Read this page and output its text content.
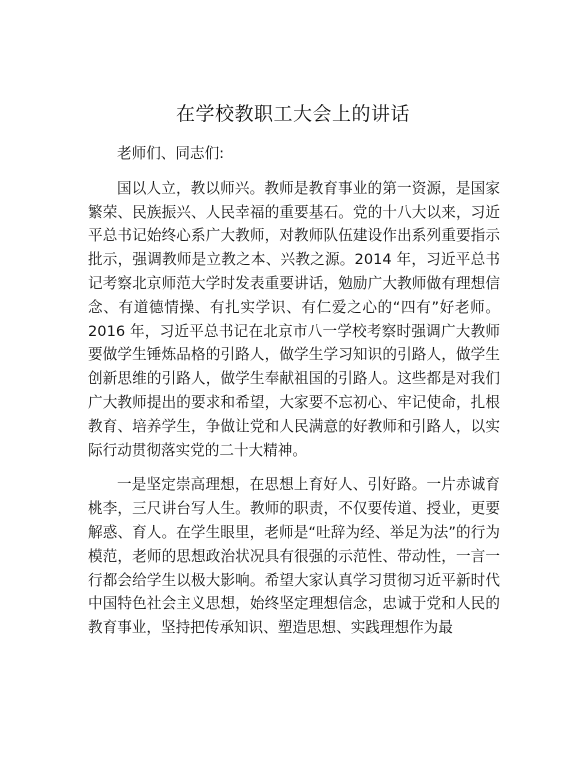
在学校教职工大会上的讲话

老师们、同志们:

国以人立，教以师兴。教师是教育事业的第一资源，是国家繁荣、民族振兴、人民幸福的重要基石。党的十八大以来，习近平总书记始终心系广大教师，对教师队伍建设作出系列重要指示批示，强调教师是立教之本、兴教之源。2014 年，习近平总书记考察北京师范大学时发表重要讲话，勉励广大教师做有理想信念、有道德情操、有扎实学识、有仁爱之心的“四有”好老师。2016 年，习近平总书记在北京市八一学校考察时强调广大教师要做学生锤炼品格的引路人，做学生学习知识的引路人，做学生创新思维的引路人，做学生奉献祖国的引路人。这些都是对我们广大教师提出的要求和希望，大家要不忘初心、牢记使命，扎根教育、培养学生，争做让党和人民满意的好教师和引路人，以实际行动贯彻落实党的二十大精神。

一是坚定崇高理想，在思想上育好人、引好路。一片赤诚育桃李，三尺讲台写人生。教师的职责，不仅要传道、授业，更要解惑、育人。在学生眼里，老师是“吐辞为经、举足为法”的行为模范，老师的思想政治状况具有很强的示范性、带动性，一言一行都会给学生以极大影响。希望大家认真学习贯彻习近平新时代中国特色社会主义思想，始终坚定理想信念，忠诚于党和人民的教育事业，坚持把传承知识、塑造思想、实践理想作为最
